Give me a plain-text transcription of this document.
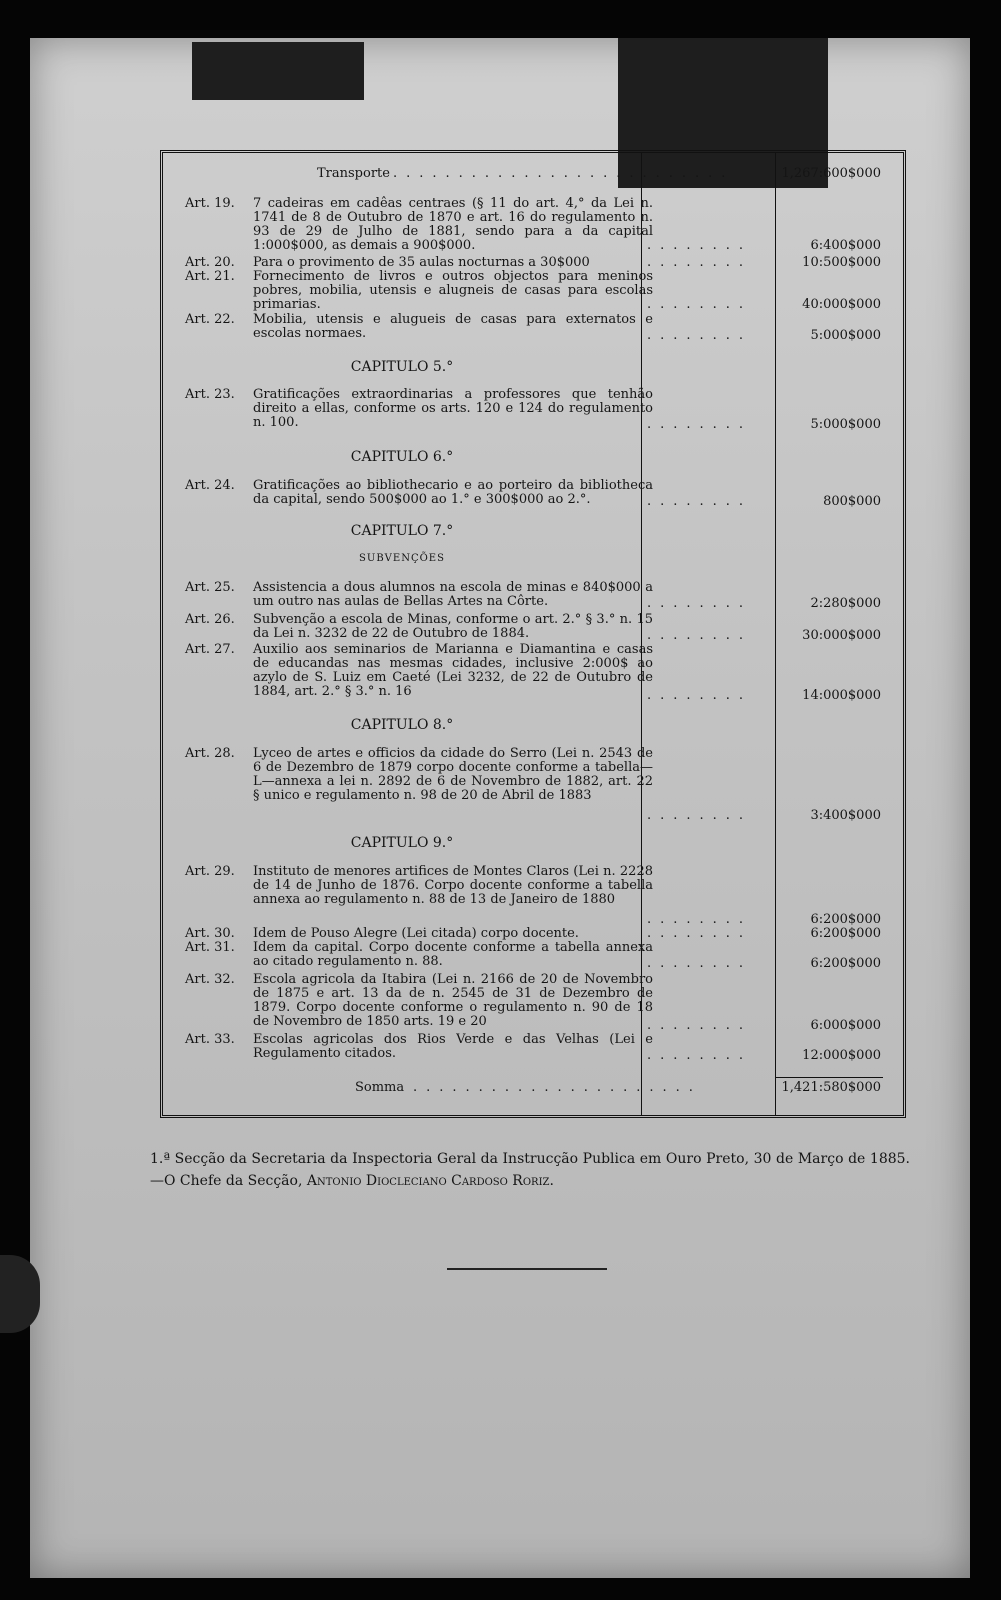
Transporte ..........................	1,267:600$000
Art. 19.	7 cadeiras em cadêas centraes (§ 11 do art. 4,° da Lei n. 1741 de 8 de Outubro de 1870 e art. 16 do regulamento n. 93 de 29 de Julho de 1881, sendo para a da capital 1:000$000, as demais a 900$000.	........	6:400$000
Art. 20.	Para o provimento de 35 aulas nocturnas a 30$000	........	10:500$000
Art. 21.	Fornecimento de livros e outros objectos para meninos pobres, mobilia, utensis e alugneis de casas para escolas primarias.	........	40:000$000
Art. 22.	Mobilia, utensis e alugueis de casas para externatos e escolas normaes.	........	5:000$000
CAPITULO 5.°
Art. 23.	Gratificações extraordinarias a professores que tenhão direito a ellas, conforme os arts. 120 e 124 do regulamento n. 100.	........	5:000$000
CAPITULO 6.°
Art. 24.	Gratificações ao bibliothecario e ao porteiro da bibliotheca da capital, sendo 500$000 ao 1.° e 300$000 ao 2.°.	........	800$000
CAPITULO 7.°
SUBVENÇÕES
Art. 25.	Assistencia a dous alumnos na escola de minas e 840$000 a um outro nas aulas de Bellas Artes na Côrte.	........	2:280$000
Art. 26.	Subvenção a escola de Minas, conforme o art. 2.° § 3.° n. 15 da Lei n. 3232 de 22 de Outubro de 1884.	........	30:000$000
Art. 27.	Auxilio aos seminarios de Marianna e Diamantina e casas de educandas nas mesmas cidades, inclusive 2:000$ ao azylo de S. Luiz em Caeté (Lei 3232, de 22 de Outubro de 1884, art. 2.° § 3.° n. 16	........	14:000$000
CAPITULO 8.°
Art. 28.	Lyceo de artes e officios da cidade do Serro (Lei n. 2543 de 6 de Dezembro de 1879 corpo docente conforme a tabella—L—annexa a lei n. 2892 de 6 de Novembro de 1882, art. 22 § unico e regulamento n. 98 de 20 de Abril de 1883
........	3:400$000
CAPITULO 9.°
Art. 29.	Instituto de menores artifices de Montes Claros (Lei n. 2228 de 14 de Junho de 1876. Corpo docente conforme a tabella annexa ao regulamento n. 88 de 13 de Janeiro de 1880
........	6:200$000
Art. 30.	Idem de Pouso Alegre (Lei citada) corpo docente.	........	6:200$000
Art. 31.	Idem da capital. Corpo docente conforme a tabella annexa ao citado regulamento n. 88.	........	6:200$000
Art. 32.	Escola agricola da Itabira (Lei n. 2166 de 20 de Novembro de 1875 e art. 13 da de n. 2545 de 31 de Dezembro de 1879. Corpo docente conforme o regulamento n. 90 de 18 de Novembro de 1850 arts. 19 e 20	........	6:000$000
Art. 33.	Escolas agricolas dos Rios Verde e das Velhas (Lei e Regulamento citados.	........	12:000$000
Somma ......................	1,421:580$000
1.ª Secção da Secretaria da Inspectoria Geral da Instrucção Publica em Ouro Preto, 30 de Março de 1885.—O Chefe da Secção, Antonio Diocleciano Cardoso Roriz.
